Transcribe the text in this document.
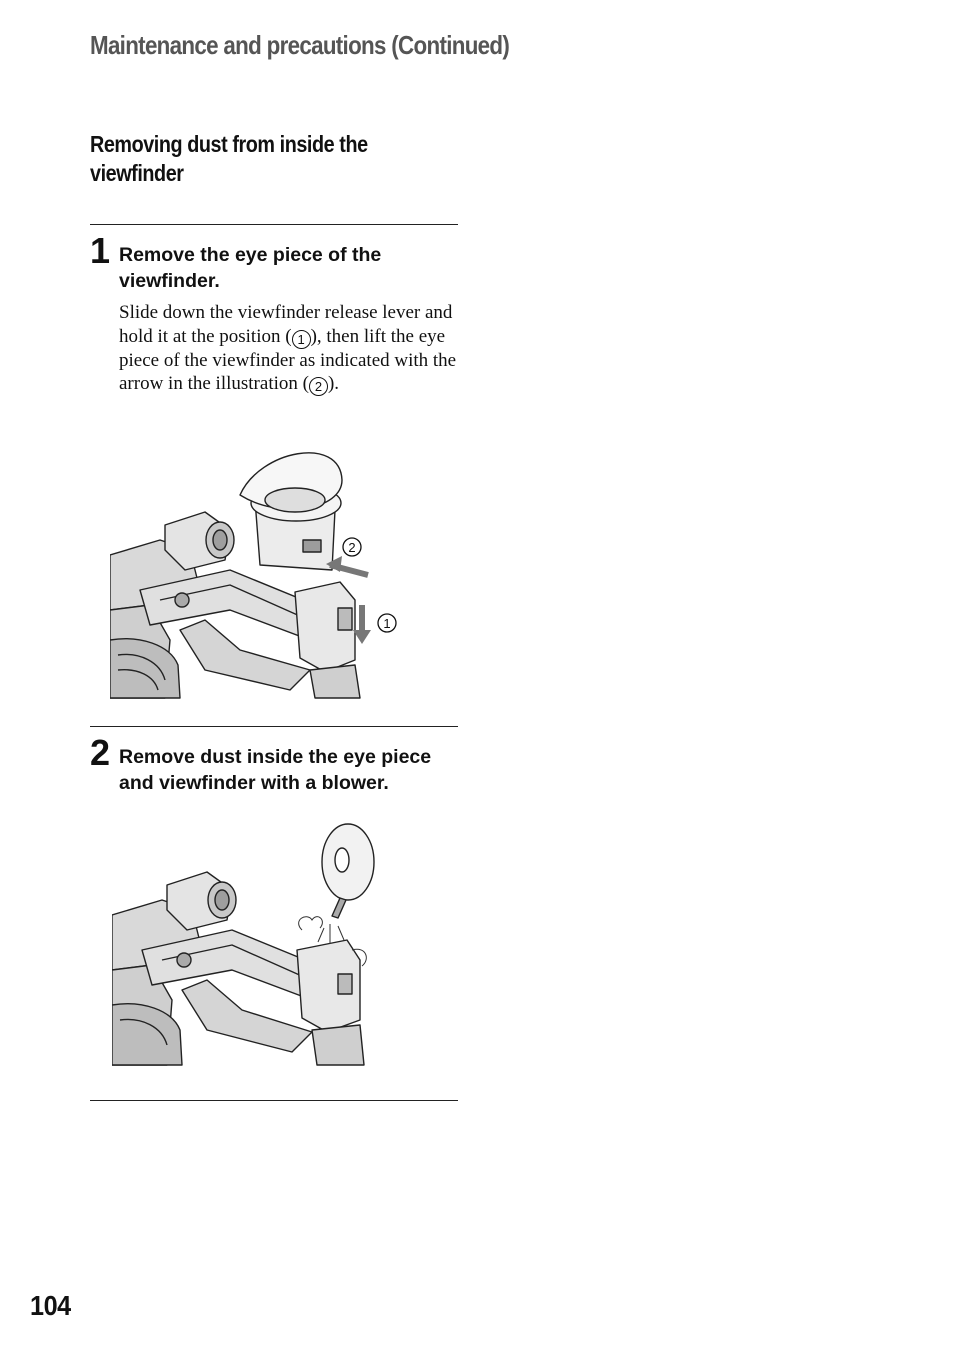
Maintenance and precautions (Continued)
Removing dust from inside the viewfinder
1 Remove the eye piece of the viewfinder.
Slide down the viewfinder release lever and hold it at the position ( 1 ), then lift the eye piece of the viewfinder as indicated with the arrow in the illustration ( 2 ).
2
1
2 Remove dust inside the eye piece and viewfinder with a blower.
104
